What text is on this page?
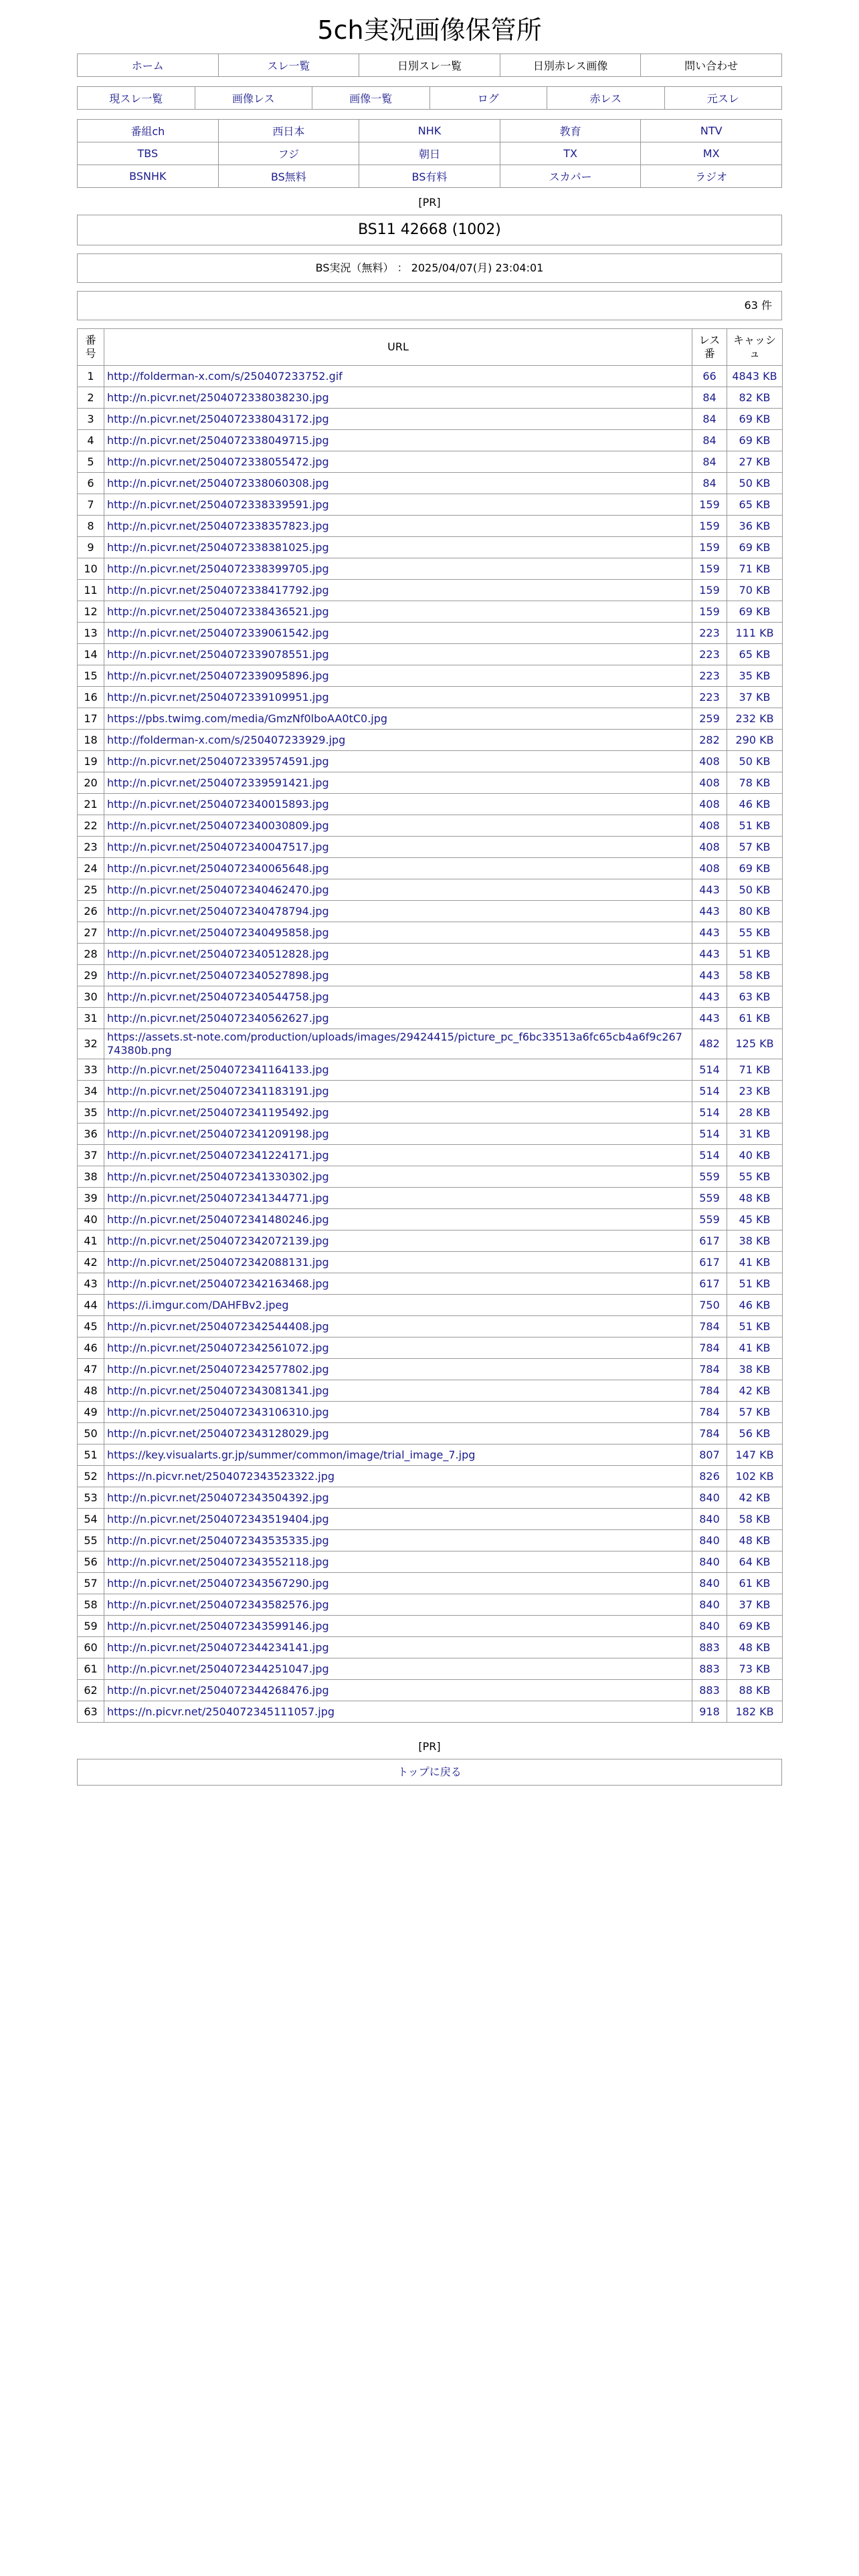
5ch実況画像保管所
ホーム	スレ一覧	日別スレ一覧	日別赤レス画像	問い合わせ
現スレ一覧	画像レス	画像一覧	ログ	赤レス	元スレ
番組ch	西日本	NHK	教育	NTV
TBS	フジ	朝日	TX	MX
BSNHK	BS無料	BS有料	スカパー	ラジオ
[PR]
BS11 42668 (1002)
BS実況（無料） ： 2025/04/07(月) 23:04:01
63 件
番号	URL	レス番	キャッシュ
1	http://folderman-x.com/s/250407233752.gif	66	4843 KB
2	http://n.picvr.net/2504072338038230.jpg	84	82 KB
3	http://n.picvr.net/2504072338043172.jpg	84	69 KB
4	http://n.picvr.net/2504072338049715.jpg	84	69 KB
5	http://n.picvr.net/2504072338055472.jpg	84	27 KB
6	http://n.picvr.net/2504072338060308.jpg	84	50 KB
7	http://n.picvr.net/2504072338339591.jpg	159	65 KB
8	http://n.picvr.net/2504072338357823.jpg	159	36 KB
9	http://n.picvr.net/2504072338381025.jpg	159	69 KB
10	http://n.picvr.net/2504072338399705.jpg	159	71 KB
11	http://n.picvr.net/2504072338417792.jpg	159	70 KB
12	http://n.picvr.net/2504072338436521.jpg	159	69 KB
13	http://n.picvr.net/2504072339061542.jpg	223	111 KB
14	http://n.picvr.net/2504072339078551.jpg	223	65 KB
15	http://n.picvr.net/2504072339095896.jpg	223	35 KB
16	http://n.picvr.net/2504072339109951.jpg	223	37 KB
17	https://pbs.twimg.com/media/GmzNf0lboAA0tC0.jpg	259	232 KB
18	http://folderman-x.com/s/250407233929.jpg	282	290 KB
19	http://n.picvr.net/2504072339574591.jpg	408	50 KB
20	http://n.picvr.net/2504072339591421.jpg	408	78 KB
21	http://n.picvr.net/2504072340015893.jpg	408	46 KB
22	http://n.picvr.net/2504072340030809.jpg	408	51 KB
23	http://n.picvr.net/2504072340047517.jpg	408	57 KB
24	http://n.picvr.net/2504072340065648.jpg	408	69 KB
25	http://n.picvr.net/2504072340462470.jpg	443	50 KB
26	http://n.picvr.net/2504072340478794.jpg	443	80 KB
27	http://n.picvr.net/2504072340495858.jpg	443	55 KB
28	http://n.picvr.net/2504072340512828.jpg	443	51 KB
29	http://n.picvr.net/2504072340527898.jpg	443	58 KB
30	http://n.picvr.net/2504072340544758.jpg	443	63 KB
31	http://n.picvr.net/2504072340562627.jpg	443	61 KB
32	https://assets.st-note.com/production/uploads/images/29424415/picture_pc_f6bc33513a6fc65cb4a6f9c26774380b.png	482	125 KB
33	http://n.picvr.net/2504072341164133.jpg	514	71 KB
34	http://n.picvr.net/2504072341183191.jpg	514	23 KB
35	http://n.picvr.net/2504072341195492.jpg	514	28 KB
36	http://n.picvr.net/2504072341209198.jpg	514	31 KB
37	http://n.picvr.net/2504072341224171.jpg	514	40 KB
38	http://n.picvr.net/2504072341330302.jpg	559	55 KB
39	http://n.picvr.net/2504072341344771.jpg	559	48 KB
40	http://n.picvr.net/2504072341480246.jpg	559	45 KB
41	http://n.picvr.net/2504072342072139.jpg	617	38 KB
42	http://n.picvr.net/2504072342088131.jpg	617	41 KB
43	http://n.picvr.net/2504072342163468.jpg	617	51 KB
44	https://i.imgur.com/DAHFBv2.jpeg	750	46 KB
45	http://n.picvr.net/2504072342544408.jpg	784	51 KB
46	http://n.picvr.net/2504072342561072.jpg	784	41 KB
47	http://n.picvr.net/2504072342577802.jpg	784	38 KB
48	http://n.picvr.net/2504072343081341.jpg	784	42 KB
49	http://n.picvr.net/2504072343106310.jpg	784	57 KB
50	http://n.picvr.net/2504072343128029.jpg	784	56 KB
51	https://key.visualarts.gr.jp/summer/common/image/trial_image_7.jpg	807	147 KB
52	https://n.picvr.net/2504072343523322.jpg	826	102 KB
53	http://n.picvr.net/2504072343504392.jpg	840	42 KB
54	http://n.picvr.net/2504072343519404.jpg	840	58 KB
55	http://n.picvr.net/2504072343535335.jpg	840	48 KB
56	http://n.picvr.net/2504072343552118.jpg	840	64 KB
57	http://n.picvr.net/2504072343567290.jpg	840	61 KB
58	http://n.picvr.net/2504072343582576.jpg	840	37 KB
59	http://n.picvr.net/2504072343599146.jpg	840	69 KB
60	http://n.picvr.net/2504072344234141.jpg	883	48 KB
61	http://n.picvr.net/2504072344251047.jpg	883	73 KB
62	http://n.picvr.net/2504072344268476.jpg	883	88 KB
63	https://n.picvr.net/2504072345111057.jpg	918	182 KB
[PR]
トップに戻る
